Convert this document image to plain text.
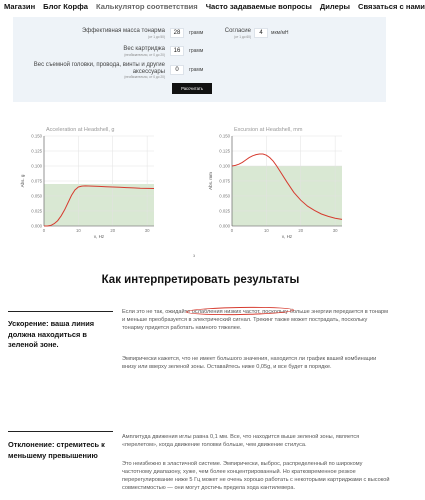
Магазин Блог Корфа Калькулятор соответствия Часто задаваемые вопросы Дилеры Связаться с нами
Эффективная масса тонарма
(от 1 до 50)
28	грамм	Согласие
(от 1 до 60)
4	мкм/мН
Вес картриджа
(необязательно, от 0 до 20)
16	грамм
Вес съемной головки, провода, винты и другие аксессуары
(необязательно, от 0 до 20)
0	грамм
Рассчитать
Acceleration at Headshell, g
0.000
0.025
0.050
0.075
0.100
0.125
0.150
0	10	20	30
ν, Hz
Abs. g
Excursion at Headshell, mm
0.000
0.025
0.050
0.075
0.100
0.125
0.150
0	10	20	30
ν, Hz
Abs. mm
з
Как интерпретировать результаты
Ускорение: ваша линия должна находиться в зеленой зоне.
Если это не так, ожидайте ослабления низких частот, поскольку больше энергии передается в тонарм и меньше преобразуется в электрический сигнал. Трекинг также может пострадать, поскольку тонарму придется работать намного тяжелее.
Эмпирически кажется, что не имеет большого значения, находится ли график вашей комбинации внизу или вверху зеленой зоны. Оставайтесь ниже 0,05g, и все будет в порядке.
Отклонение: стремитесь к меньшему превышению
Амплитуда движения иглы равна 0,1 мм. Все, что находится выше зеленой зоны, является «перелетом», когда движение головки больше, чем движение стилуса.
Это неизбежно в эластичной системе. Эмпирически, выброс, распределенный по широкому частотному диапазону, хуже, чем более концентрированный. Но кратковременное резкое перерегулирование ниже 5 Гц может не очень хорошо работать с некоторыми картриджами с высокой совместимостью — они могут достичь предела хода кантилевера.
